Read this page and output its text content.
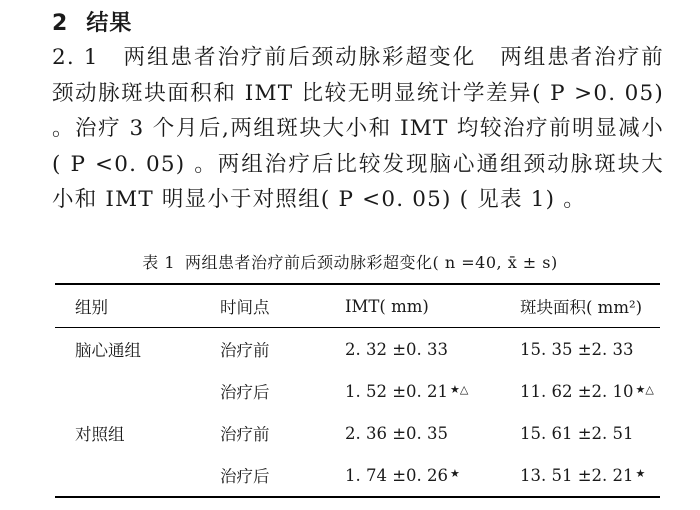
2 结果
2. 1 两组患者治疗前后颈动脉彩超变化 两组患者治疗前颈动脉斑块面积和 IMT 比较无明显统计学差异( P >0. 05) 。治疗 3 个月后,两组斑块大小和 IMT 均较治疗前明显减小( P <0. 05) 。两组治疗后比较发现脑心通组颈动脉斑块大小和 IMT 明显小于对照组( P <0. 05) ( 见表 1) 。
表 1 两组患者治疗前后颈动脉彩超变化( n =40, x̄ ± s)
组别	时间点	IMT( mm)	斑块面积( mm²)
脑心通组	治疗前	2. 32 ±0. 33	15. 35 ±2. 33
	治疗后	1. 52 ±0. 21 ★△	11. 62 ±2. 10 ★△
对照组	治疗前	2. 36 ±0. 35	15. 61 ±2. 51
	治疗后	1. 74 ±0. 26 ★	13. 51 ±2. 21 ★
